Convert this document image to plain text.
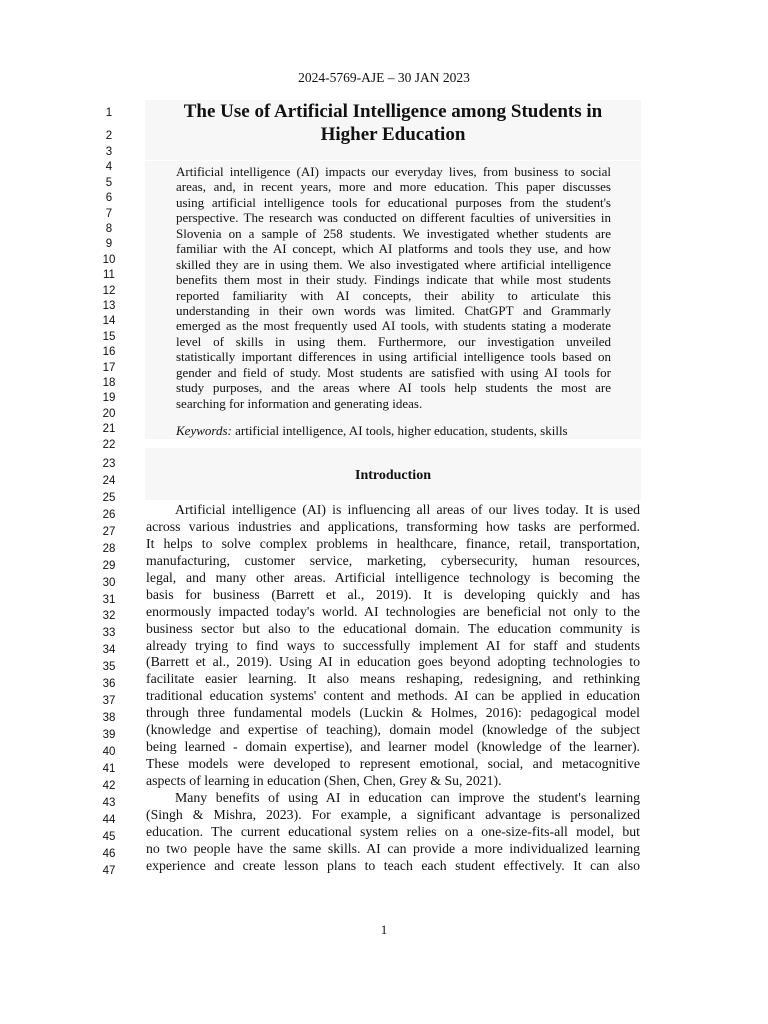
2024-5769-AJE – 30 JAN 2023
The Use of Artificial Intelligence among Students in
Higher Education
Artificial intelligence (AI) impacts our everyday lives, from business to social
areas, and, in recent years, more and more education. This paper discusses
using artificial intelligence tools for educational purposes from the student's
perspective. The research was conducted on different faculties of universities in
Slovenia on a sample of 258 students. We investigated whether students are
familiar with the AI concept, which AI platforms and tools they use, and how
skilled they are in using them. We also investigated where artificial intelligence
benefits them most in their study. Findings indicate that while most students
reported familiarity with AI concepts, their ability to articulate this
understanding in their own words was limited. ChatGPT and Grammarly
emerged as the most frequently used AI tools, with students stating a moderate
level of skills in using them. Furthermore, our investigation unveiled
statistically important differences in using artificial intelligence tools based on
gender and field of study. Most students are satisfied with using AI tools for
study purposes, and the areas where AI tools help students the most are
searching for information and generating ideas.
Keywords: artificial intelligence, AI tools, higher education, students, skills
Introduction
Artificial intelligence (AI) is influencing all areas of our lives today. It is used
across various industries and applications, transforming how tasks are performed.
It helps to solve complex problems in healthcare, finance, retail, transportation,
manufacturing, customer service, marketing, cybersecurity, human resources,
legal, and many other areas. Artificial intelligence technology is becoming the
basis for business (Barrett et al., 2019). It is developing quickly and has
enormously impacted today's world. AI technologies are beneficial not only to the
business sector but also to the educational domain. The education community is
already trying to find ways to successfully implement AI for staff and students
(Barrett et al., 2019). Using AI in education goes beyond adopting technologies to
facilitate easier learning. It also means reshaping, redesigning, and rethinking
traditional education systems' content and methods. AI can be applied in education
through three fundamental models (Luckin & Holmes, 2016): pedagogical model
(knowledge and expertise of teaching), domain model (knowledge of the subject
being learned - domain expertise), and learner model (knowledge of the learner).
These models were developed to represent emotional, social, and metacognitive
aspects of learning in education (Shen, Chen, Grey & Su, 2021).
Many benefits of using AI in education can improve the student's learning
(Singh & Mishra, 2023). For example, a significant advantage is personalized
education. The current educational system relies on a one-size-fits-all model, but
no two people have the same skills. AI can provide a more individualized learning
experience and create lesson plans to teach each student effectively. It can also
1
2
3
4
5
6
7
8
9
10
11
12
13
14
15
16
17
18
19
20
21
22
23
24
25
26
27
28
29
30
31
32
33
34
35
36
37
38
39
40
41
42
43
44
45
46
47
1
